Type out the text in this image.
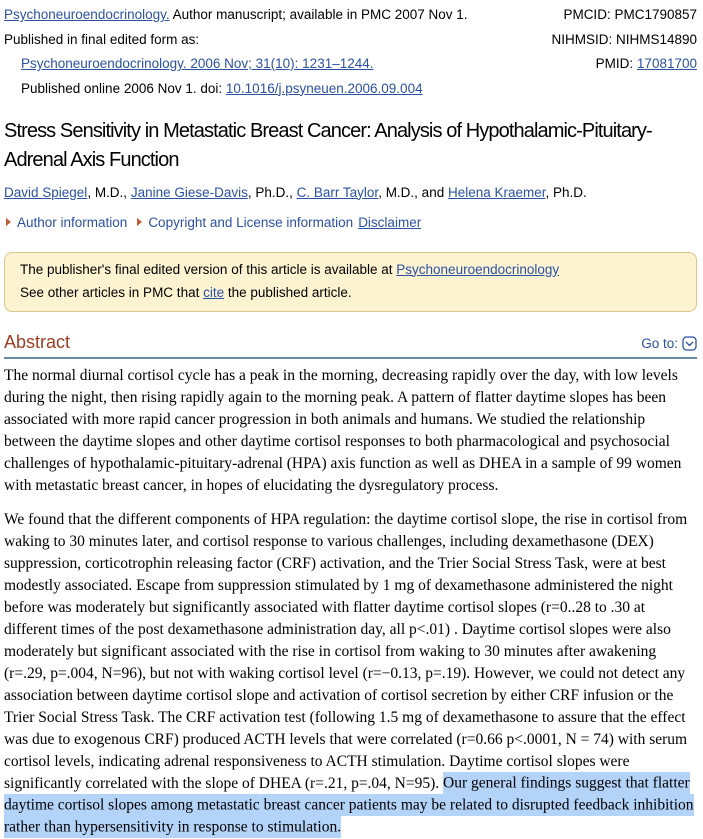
Psychoneuroendocrinology. Author manuscript; available in PMC 2007 Nov 1.	PMCID: PMC1790857
Published in final edited form as:	NIHMSID: NIHMS14890
Psychoneuroendocrinology. 2006 Nov; 31(10): 1231–1244.	PMID: 17081700
Published online 2006 Nov 1. doi: 10.1016/j.psyneuen.2006.09.004
Stress Sensitivity in Metastatic Breast Cancer: Analysis of Hypothalamic-Pituitary-Adrenal Axis Function
David Spiegel, M.D., Janine Giese-Davis, Ph.D., C. Barr Taylor, M.D., and Helena Kraemer, Ph.D.
Author information Copyright and License information Disclaimer
The publisher's final edited version of this article is available at Psychoneuroendocrinology
See other articles in PMC that cite the published article.
Abstract	Go to:

The normal diurnal cortisol cycle has a peak in the morning, decreasing rapidly over the day, with low levels during the night, then rising rapidly again to the morning peak. A pattern of flatter daytime slopes has been associated with more rapid cancer progression in both animals and humans. We studied the relationship between the daytime slopes and other daytime cortisol responses to both pharmacological and psychosocial challenges of hypothalamic-pituitary-adrenal (HPA) axis function as well as DHEA in a sample of 99 women with metastatic breast cancer, in hopes of elucidating the dysregulatory process.

We found that the different components of HPA regulation: the daytime cortisol slope, the rise in cortisol from waking to 30 minutes later, and cortisol response to various challenges, including dexamethasone (DEX) suppression, corticotrophin releasing factor (CRF) activation, and the Trier Social Stress Task, were at best modestly associated. Escape from suppression stimulated by 1 mg of dexamethasone administered the night before was moderately but significantly associated with flatter daytime cortisol slopes (r=0..28 to .30 at different times of the post dexamethasone administration day, all p<.01) . Daytime cortisol slopes were also moderately but significant associated with the rise in cortisol from waking to 30 minutes after awakening (r=.29, p=.004, N=96), but not with waking cortisol level (r=−0.13, p=.19). However, we could not detect any association between daytime cortisol slope and activation of cortisol secretion by either CRF infusion or the Trier Social Stress Task. The CRF activation test (following 1.5 mg of dexamethasone to assure that the effect was due to exogenous CRF) produced ACTH levels that were correlated (r=0.66 p<.0001, N = 74) with serum cortisol levels, indicating adrenal responsiveness to ACTH stimulation. Daytime cortisol slopes were significantly correlated with the slope of DHEA (r=.21, p=.04, N=95). Our general findings suggest that flatter daytime cortisol slopes among metastatic breast cancer patients may be related to disrupted feedback inhibition rather than hypersensitivity in response to stimulation.
